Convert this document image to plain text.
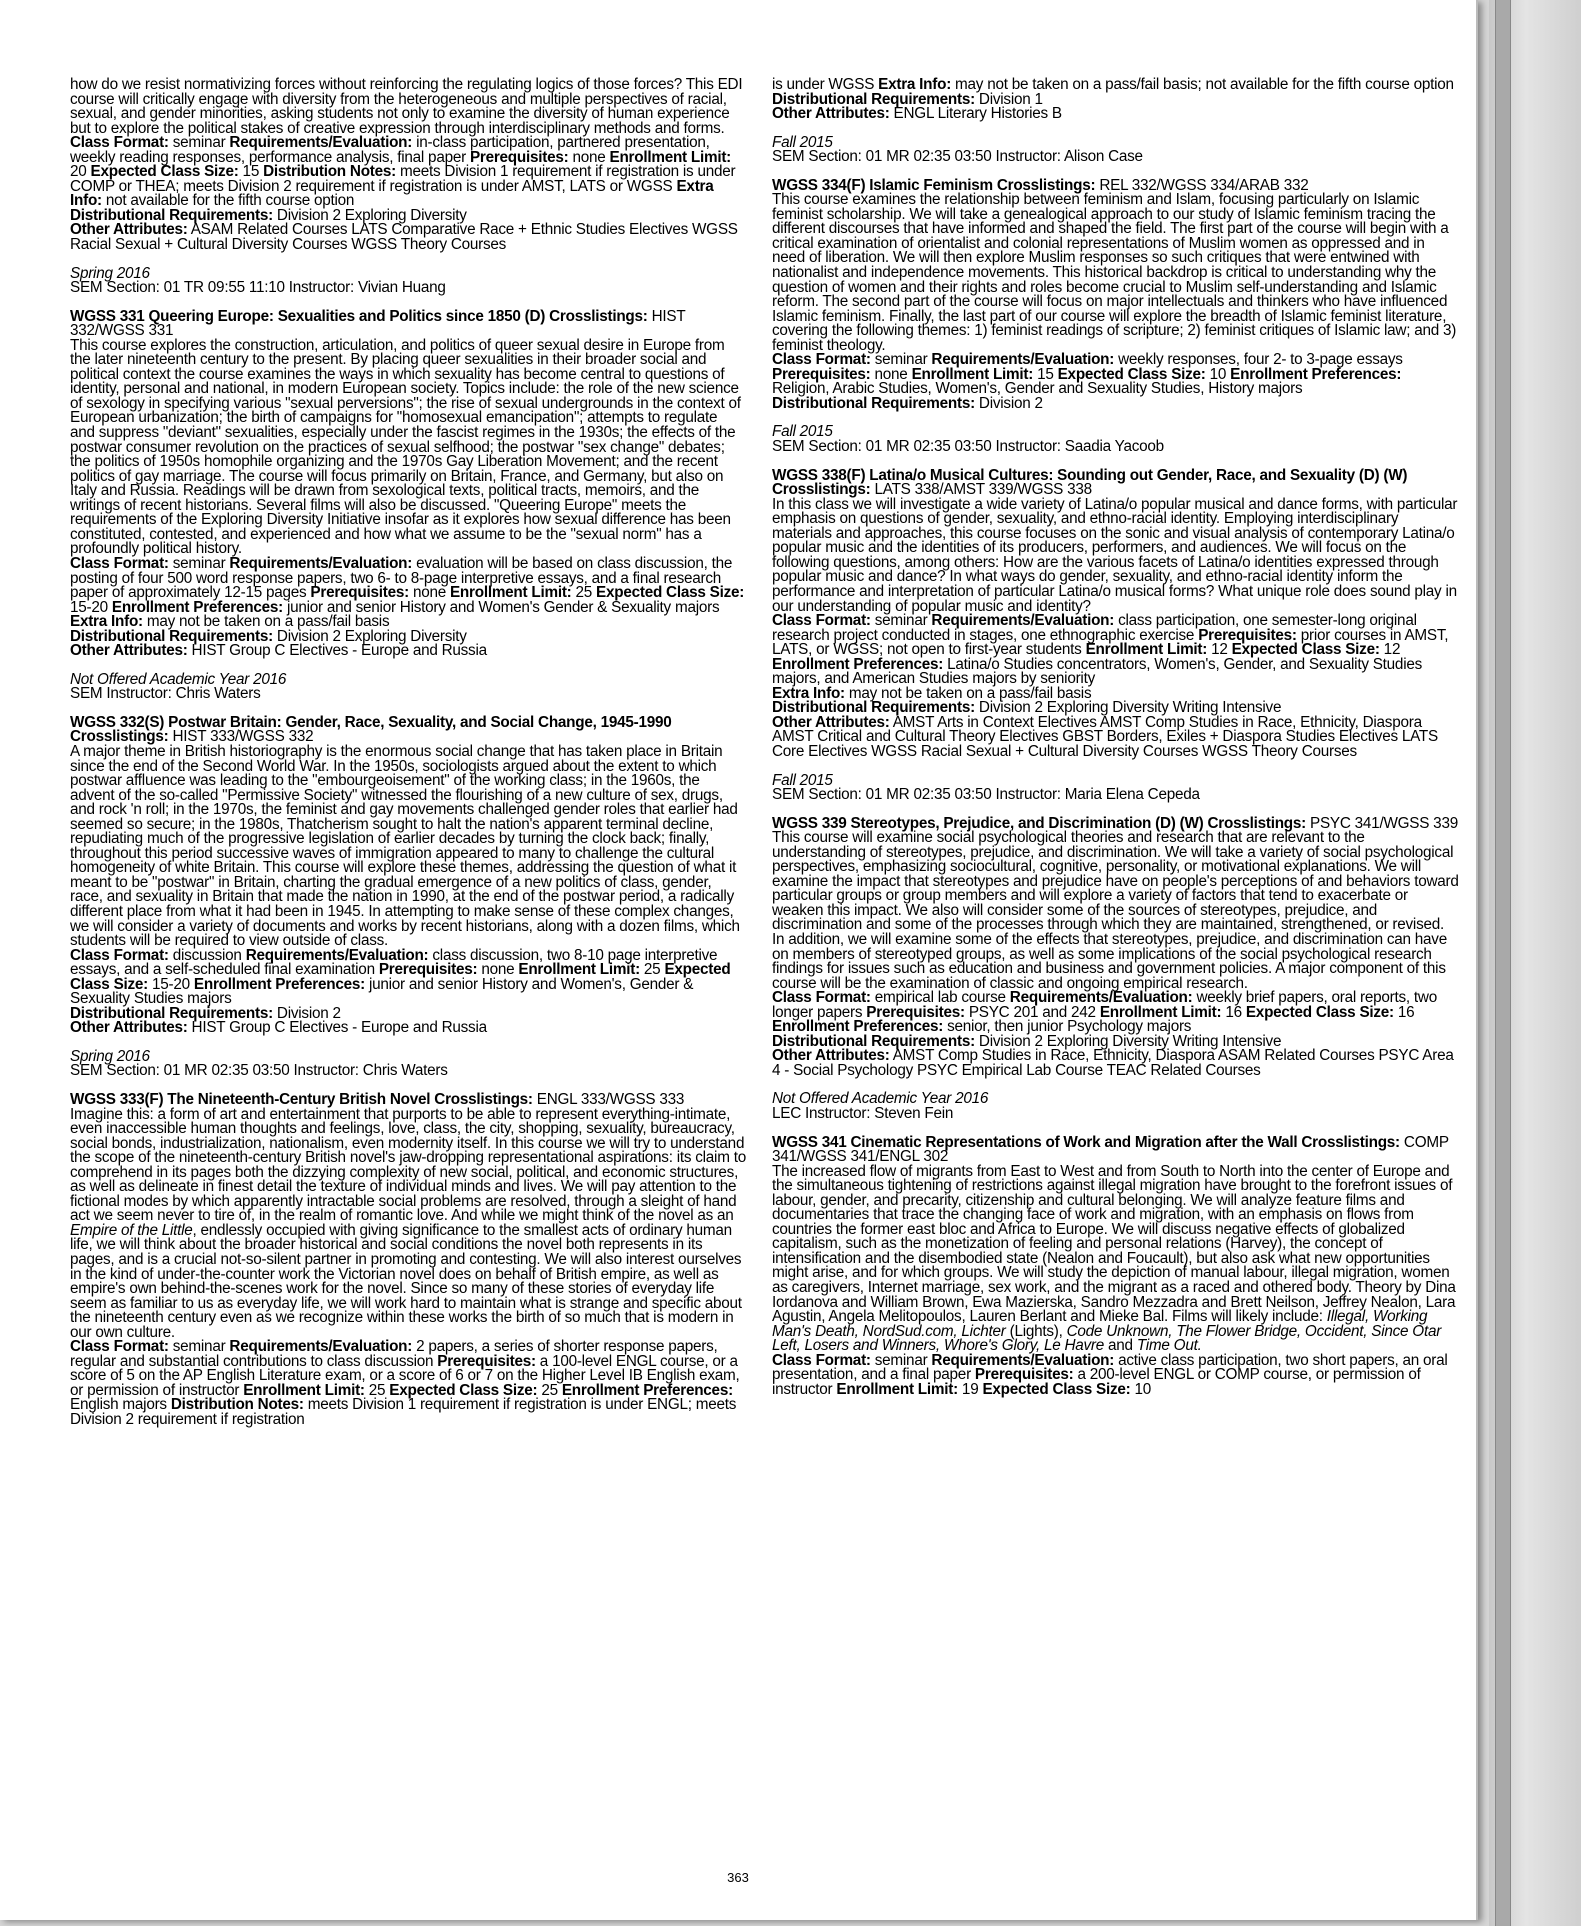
how do we resist normativizing forces without reinforcing the regulating logics of those forces? This EDI course will critically engage with diversity from the heterogeneous and multiple perspectives of racial, sexual, and gender minorities, asking students not only to examine the diversity of human experience but to explore the political stakes of creative expression through interdisciplinary methods and forms.
Class Format: seminar Requirements/Evaluation: in-class participation, partnered presentation, weekly reading responses, performance analysis, final paper Prerequisites: none Enrollment Limit: 20 Expected Class Size: 15 Distribution Notes: meets Division 1 requirement if registration is under COMP or THEA; meets Division 2 requirement if registration is under AMST, LATS or WGSS Extra Info: not available for the fifth course option
Distributional Requirements: Division 2 Exploring Diversity
Other Attributes: ASAM Related Courses LATS Comparative Race + Ethnic Studies Electives WGSS Racial Sexual + Cultural Diversity Courses WGSS Theory Courses
Spring 2016
SEM Section: 01 TR 09:55 11:10 Instructor: Vivian Huang
WGSS 331 Queering Europe: Sexualities and Politics since 1850 (D) Crosslistings: HIST 332/WGSS 331
This course explores the construction, articulation, and politics of queer sexual desire in Europe from the later nineteenth century to the present. By placing queer sexualities in their broader social and political context the course examines the ways in which sexuality has become central to questions of identity, personal and national, in modern European society. Topics include: the role of the new science of sexology in specifying various "sexual perversions"; the rise of sexual undergrounds in the context of European urbanization; the birth of campaigns for "homosexual emancipation"; attempts to regulate and suppress "deviant" sexualities, especially under the fascist regimes in the 1930s; the effects of the postwar consumer revolution on the practices of sexual selfhood; the postwar "sex change" debates; the politics of 1950s homophile organizing and the 1970s Gay Liberation Movement; and the recent politics of gay marriage. The course will focus primarily on Britain, France, and Germany, but also on Italy and Russia. Readings will be drawn from sexological texts, political tracts, memoirs, and the writings of recent historians. Several films will also be discussed. "Queering Europe" meets the requirements of the Exploring Diversity Initiative insofar as it explores how sexual difference has been constituted, contested, and experienced and how what we assume to be the "sexual norm" has a profoundly political history.
Class Format: seminar Requirements/Evaluation: evaluation will be based on class discussion, the posting of four 500 word response papers, two 6- to 8-page interpretive essays, and a final research paper of approximately 12-15 pages Prerequisites: none Enrollment Limit: 25 Expected Class Size: 15-20 Enrollment Preferences: junior and senior History and Women's Gender & Sexuality majors Extra Info: may not be taken on a pass/fail basis
Distributional Requirements: Division 2 Exploring Diversity
Other Attributes: HIST Group C Electives - Europe and Russia
Not Offered Academic Year 2016
SEM Instructor: Chris Waters
WGSS 332(S) Postwar Britain: Gender, Race, Sexuality, and Social Change, 1945-1990 Crosslistings: HIST 333/WGSS 332
A major theme in British historiography is the enormous social change that has taken place in Britain since the end of the Second World War. In the 1950s, sociologists argued about the extent to which postwar affluence was leading to the "embourgeoisement" of the working class; in the 1960s, the advent of the so-called "Permissive Society" witnessed the flourishing of a new culture of sex, drugs, and rock 'n roll; in the 1970s, the feminist and gay movements challenged gender roles that earlier had seemed so secure; in the 1980s, Thatcherism sought to halt the nation's apparent terminal decline, repudiating much of the progressive legislation of earlier decades by turning the clock back; finally, throughout this period successive waves of immigration appeared to many to challenge the cultural homogeneity of white Britain. This course will explore these themes, addressing the question of what it meant to be "postwar" in Britain, charting the gradual emergence of a new politics of class, gender, race, and sexuality in Britain that made the nation in 1990, at the end of the postwar period, a radically different place from what it had been in 1945. In attempting to make sense of these complex changes, we will consider a variety of documents and works by recent historians, along with a dozen films, which students will be required to view outside of class.
Class Format: discussion Requirements/Evaluation: class discussion, two 8-10 page interpretive essays, and a self-scheduled final examination Prerequisites: none Enrollment Limit: 25 Expected Class Size: 15-20 Enrollment Preferences: junior and senior History and Women's, Gender & Sexuality Studies majors
Distributional Requirements: Division 2
Other Attributes: HIST Group C Electives - Europe and Russia
Spring 2016
SEM Section: 01 MR 02:35 03:50 Instructor: Chris Waters
WGSS 333(F) The Nineteenth-Century British Novel Crosslistings: ENGL 333/WGSS 333
Imagine this: a form of art and entertainment that purports to be able to represent everything-intimate, even inaccessible human thoughts and feelings, love, class, the city, shopping, sexuality, bureaucracy, social bonds, industrialization, nationalism, even modernity itself. In this course we will try to understand the scope of the nineteenth-century British novel's jaw-dropping representational aspirations: its claim to comprehend in its pages both the dizzying complexity of new social, political, and economic structures, as well as delineate in finest detail the texture of individual minds and lives. We will pay attention to the fictional modes by which apparently intractable social problems are resolved, through a sleight of hand act we seem never to tire of, in the realm of romantic love. And while we might think of the novel as an Empire of the Little, endlessly occupied with giving significance to the smallest acts of ordinary human life, we will think about the broader historical and social conditions the novel both represents in its pages, and is a crucial not-so-silent partner in promoting and contesting. We will also interest ourselves in the kind of under-the-counter work the Victorian novel does on behalf of British empire, as well as empire's own behind-the-scenes work for the novel. Since so many of these stories of everyday life seem as familiar to us as everyday life, we will work hard to maintain what is strange and specific about the nineteenth century even as we recognize within these works the birth of so much that is modern in our own culture.
Class Format: seminar Requirements/Evaluation: 2 papers, a series of shorter response papers, regular and substantial contributions to class discussion Prerequisites: a 100-level ENGL course, or a score of 5 on the AP English Literature exam, or a score of 6 or 7 on the Higher Level IB English exam, or permission of instructor Enrollment Limit: 25 Expected Class Size: 25 Enrollment Preferences: English majors Distribution Notes: meets Division 1 requirement if registration is under ENGL; meets Division 2 requirement if registration
is under WGSS Extra Info: may not be taken on a pass/fail basis; not available for the fifth course option
Distributional Requirements: Division 1
Other Attributes: ENGL Literary Histories B
Fall 2015
SEM Section: 01 MR 02:35 03:50 Instructor: Alison Case
WGSS 334(F) Islamic Feminism Crosslistings: REL 332/WGSS 334/ARAB 332
This course examines the relationship between feminism and Islam, focusing particularly on Islamic feminist scholarship. We will take a genealogical approach to our study of Islamic feminism tracing the different discourses that have informed and shaped the field. The first part of the course will begin with a critical examination of orientalist and colonial representations of Muslim women as oppressed and in need of liberation. We will then explore Muslim responses so such critiques that were entwined with nationalist and independence movements. This historical backdrop is critical to understanding why the question of women and their rights and roles become crucial to Muslim self-understanding and Islamic reform. The second part of the course will focus on major intellectuals and thinkers who have influenced Islamic feminism. Finally, the last part of our course will explore the breadth of Islamic feminist literature, covering the following themes: 1) feminist readings of scripture; 2) feminist critiques of Islamic law; and 3) feminist theology.
Class Format: seminar Requirements/Evaluation: weekly responses, four 2- to 3-page essays Prerequisites: none Enrollment Limit: 15 Expected Class Size: 10 Enrollment Preferences: Religion, Arabic Studies, Women's, Gender and Sexuality Studies, History majors
Distributional Requirements: Division 2
Fall 2015
SEM Section: 01 MR 02:35 03:50 Instructor: Saadia Yacoob
WGSS 338(F) Latina/o Musical Cultures: Sounding out Gender, Race, and Sexuality (D) (W) Crosslistings: LATS 338/AMST 339/WGSS 338
In this class we will investigate a wide variety of Latina/o popular musical and dance forms, with particular emphasis on questions of gender, sexuality, and ethno-racial identity. Employing interdisciplinary materials and approaches, this course focuses on the sonic and visual analysis of contemporary Latina/o popular music and the identities of its producers, performers, and audiences. We will focus on the following questions, among others: How are the various facets of Latina/o identities expressed through popular music and dance? In what ways do gender, sexuality, and ethno-racial identity inform the performance and interpretation of particular Latina/o musical forms? What unique role does sound play in our understanding of popular music and identity?
Class Format: seminar Requirements/Evaluation: class participation, one semester-long original research project conducted in stages, one ethnographic exercise Prerequisites: prior courses in AMST, LATS, or WGSS; not open to first-year students Enrollment Limit: 12 Expected Class Size: 12 Enrollment Preferences: Latina/o Studies concentrators, Women's, Gender, and Sexuality Studies majors, and American Studies majors by seniority
Extra Info: may not be taken on a pass/fail basis
Distributional Requirements: Division 2 Exploring Diversity Writing Intensive
Other Attributes: AMST Arts in Context Electives AMST Comp Studies in Race, Ethnicity, Diaspora AMST Critical and Cultural Theory Electives GBST Borders, Exiles + Diaspora Studies Electives LATS Core Electives WGSS Racial Sexual + Cultural Diversity Courses WGSS Theory Courses
Fall 2015
SEM Section: 01 MR 02:35 03:50 Instructor: Maria Elena Cepeda
WGSS 339 Stereotypes, Prejudice, and Discrimination (D) (W) Crosslistings: PSYC 341/WGSS 339
This course will examine social psychological theories and research that are relevant to the understanding of stereotypes, prejudice, and discrimination. We will take a variety of social psychological perspectives, emphasizing sociocultural, cognitive, personality, or motivational explanations. We will examine the impact that stereotypes and prejudice have on people's perceptions of and behaviors toward particular groups or group members and will explore a variety of factors that tend to exacerbate or weaken this impact. We also will consider some of the sources of stereotypes, prejudice, and discrimination and some of the processes through which they are maintained, strengthened, or revised. In addition, we will examine some of the effects that stereotypes, prejudice, and discrimination can have on members of stereotyped groups, as well as some implications of the social psychological research findings for issues such as education and business and government policies. A major component of this course will be the examination of classic and ongoing empirical research.
Class Format: empirical lab course Requirements/Evaluation: weekly brief papers, oral reports, two longer papers Prerequisites: PSYC 201 and 242 Enrollment Limit: 16 Expected Class Size: 16 Enrollment Preferences: senior, then junior Psychology majors
Distributional Requirements: Division 2 Exploring Diversity Writing Intensive
Other Attributes: AMST Comp Studies in Race, Ethnicity, Diaspora ASAM Related Courses PSYC Area 4 - Social Psychology PSYC Empirical Lab Course TEAC Related Courses
Not Offered Academic Year 2016
LEC Instructor: Steven Fein
WGSS 341 Cinematic Representations of Work and Migration after the Wall Crosslistings: COMP 341/WGSS 341/ENGL 302
The increased flow of migrants from East to West and from South to North into the center of Europe and the simultaneous tightening of restrictions against illegal migration have brought to the forefront issues of labour, gender, and precarity, citizenship and cultural belonging. We will analyze feature films and documentaries that trace the changing face of work and migration, with an emphasis on flows from countries the former east bloc and Africa to Europe. We will discuss negative effects of globalized capitalism, such as the monetization of feeling and personal relations (Harvey), the concept of intensification and the disembodied state (Nealon and Foucault), but also ask what new opportunities might arise, and for which groups. We will study the depiction of manual labour, illegal migration, women as caregivers, Internet marriage, sex work, and the migrant as a raced and othered body. Theory by Dina Iordanova and William Brown, Ewa Mazierska, Sandro Mezzadra and Brett Neilson, Jeffrey Nealon, Lara Agustin, Angela Melitopoulos, Lauren Berlant and Mieke Bal. Films will likely include: Illegal, Working Man's Death, NordSud.com, Lichter (Lights), Code Unknown, The Flower Bridge, Occident, Since Otar Left, Losers and Winners, Whore's Glory, Le Havre and Time Out.
Class Format: seminar Requirements/Evaluation: active class participation, two short papers, an oral presentation, and a final paper Prerequisites: a 200-level ENGL or COMP course, or permission of instructor Enrollment Limit: 19 Expected Class Size: 10
363
